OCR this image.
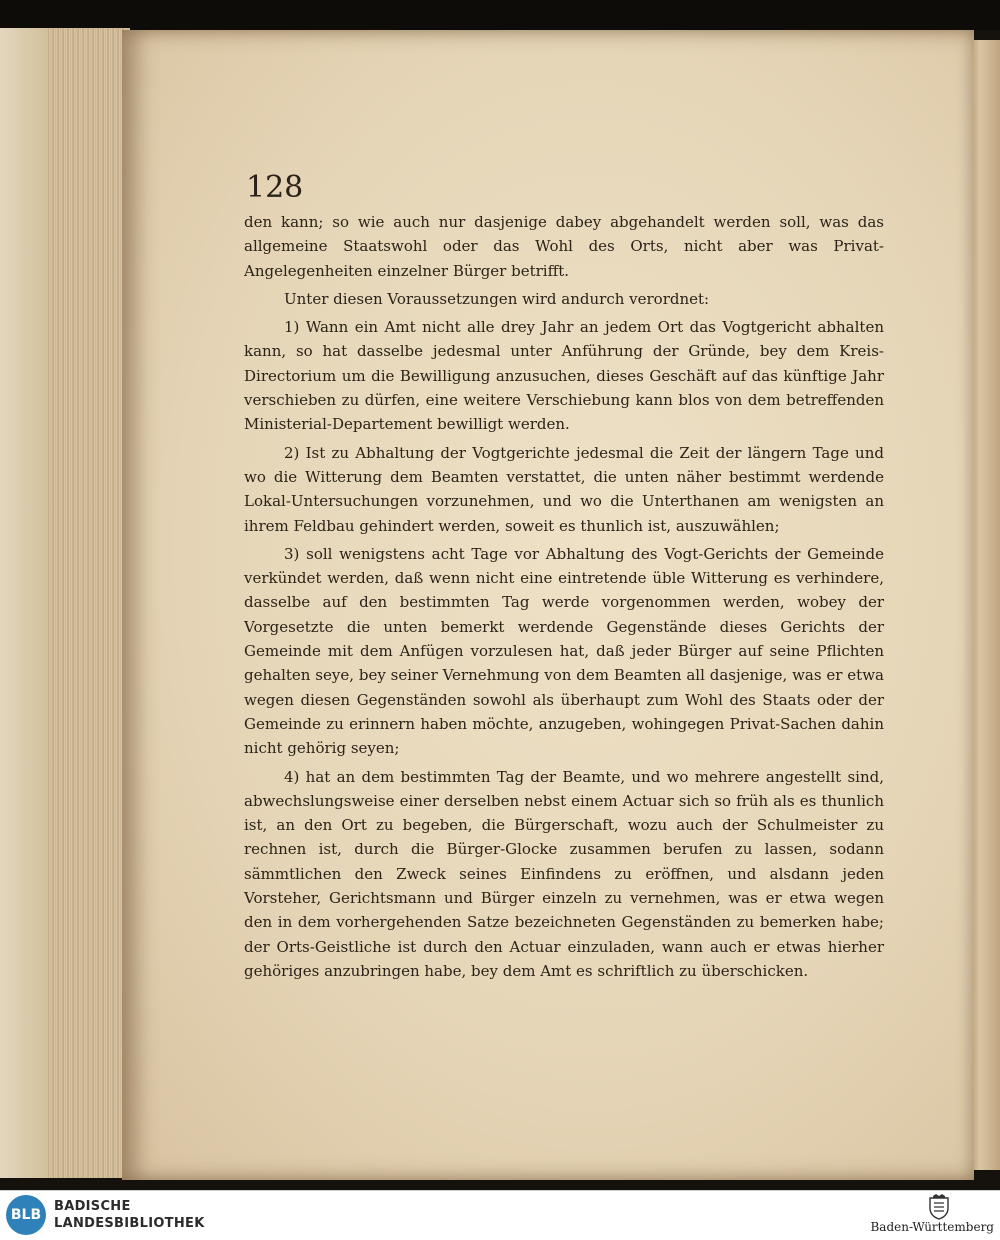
128

den kann; so wie auch nur dasjenige dabey abgehandelt werden soll, was das allgemeine Staatswohl oder das Wohl des Orts, nicht aber was Privat-Angelegenheiten einzelner Bürger betrifft.

Unter diesen Voraussetzungen wird andurch verordnet:

1) Wann ein Amt nicht alle drey Jahr an jedem Ort das Vogtgericht abhalten kann, so hat dasselbe jedesmal unter Anführung der Gründe, bey dem Kreis-Directorium um die Bewilligung anzusuchen, dieses Geschäft auf das künftige Jahr verschieben zu dürfen, eine weitere Verschiebung kann blos von dem betreffenden Ministerial-Departement bewilligt werden.

2) Ist zu Abhaltung der Vogtgerichte jedesmal die Zeit der längern Tage und wo die Witterung dem Beamten verstattet, die unten näher bestimmt werdende Lokal-Untersuchungen vorzunehmen, und wo die Unterthanen am wenigsten an ihrem Feldbau gehindert werden, soweit es thunlich ist, auszuwählen;

3) soll wenigstens acht Tage vor Abhaltung des Vogt-Gerichts der Gemeinde verkündet werden, daß wenn nicht eine eintretende üble Witterung es verhindere, dasselbe auf den bestimmten Tag werde vorgenommen werden, wobey der Vorgesetzte die unten bemerkt werdende Gegenstände dieses Gerichts der Gemeinde mit dem Anfügen vorzulesen hat, daß jeder Bürger auf seine Pflichten gehalten seye, bey seiner Vernehmung von dem Beamten all dasjenige, was er etwa wegen diesen Gegenständen sowohl als überhaupt zum Wohl des Staats oder der Gemeinde zu erinnern haben möchte, anzugeben, wohingegen Privat-Sachen dahin nicht gehörig seyen;

4) hat an dem bestimmten Tag der Beamte, und wo mehrere angestellt sind, abwechslungsweise einer derselben nebst einem Actuar sich so früh als es thunlich ist, an den Ort zu begeben, die Bürgerschaft, wozu auch der Schulmeister zu rechnen ist, durch die Bürger-Glocke zusammen berufen zu lassen, sodann sämmtlichen den Zweck seines Einfindens zu eröffnen, und alsdann jeden Vorsteher, Gerichtsmann und Bürger einzeln zu vernehmen, was er etwa wegen den in dem vorhergehenden Satze bezeichneten Gegenständen zu bemerken habe; der Orts-Geistliche ist durch den Actuar einzuladen, wann auch er etwas hierher gehöriges anzubringen habe, bey dem Amt es schriftlich zu überschicken.

BLB
BADISCHE
LANDESBIBLIOTHEK	Baden-Württemberg
